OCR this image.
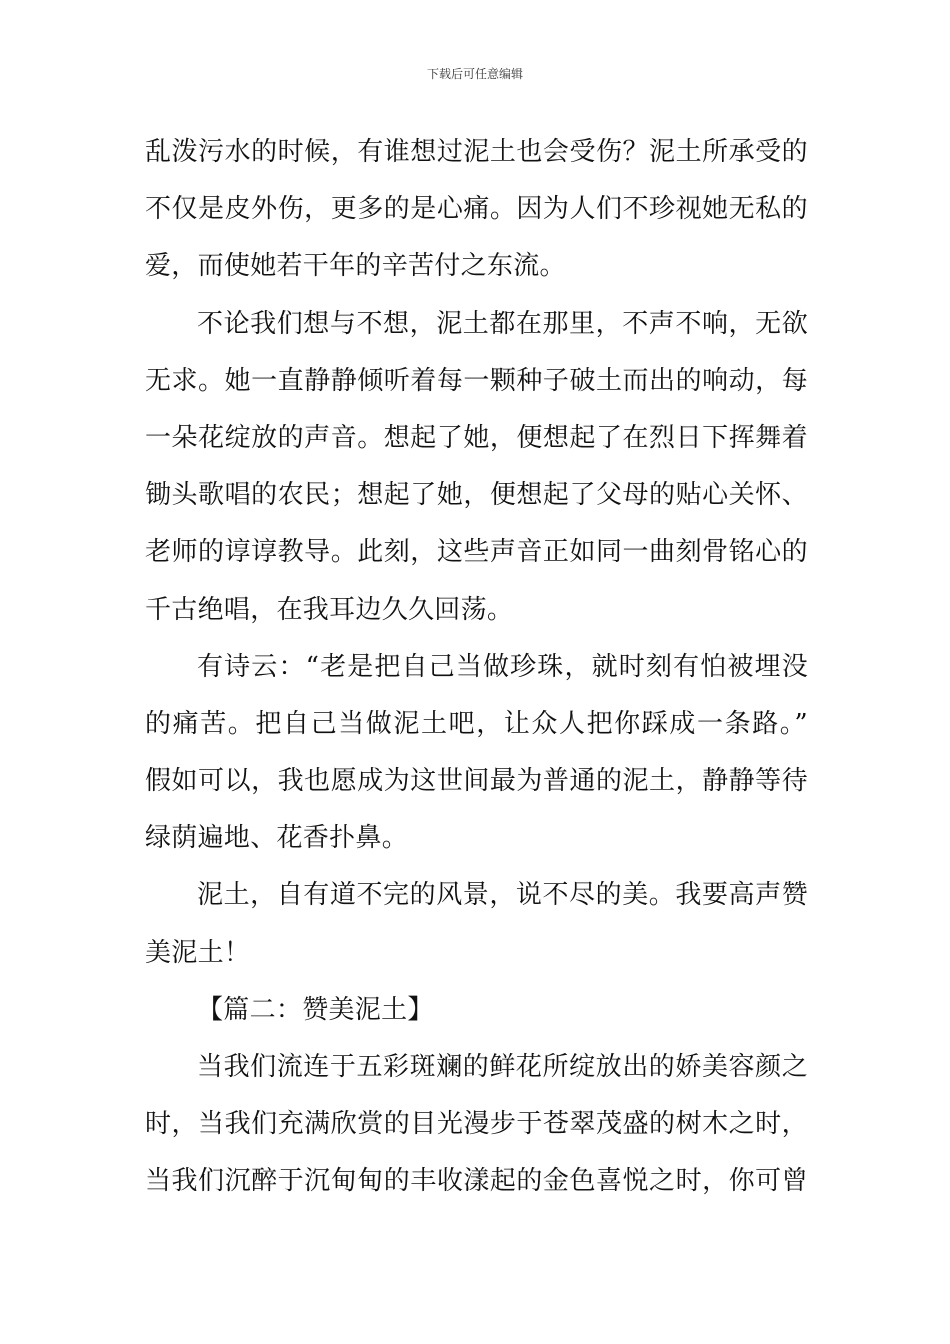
下载后可任意编辑
乱泼污水的时候，有谁想过泥土也会受伤？泥土所承受的
不仅是皮外伤，更多的是心痛。因为人们不珍视她无私的
爱，而使她若干年的辛苦付之东流。
不论我们想与不想，泥土都在那里，不声不响，无欲
无求。她一直静静倾听着每一颗种子破土而出的响动，每
一朵花绽放的声音。想起了她，便想起了在烈日下挥舞着
锄头歌唱的农民；想起了她，便想起了父母的贴心关怀、
老师的谆谆教导。此刻，这些声音正如同一曲刻骨铭心的
千古绝唱，在我耳边久久回荡。
有诗云：“老是把自己当做珍珠，就时刻有怕被埋没
的痛苦。把自己当做泥土吧，让众人把你踩成一条路。”
假如可以，我也愿成为这世间最为普通的泥土，静静等待
绿荫遍地、花香扑鼻。
泥土，自有道不完的风景，说不尽的美。我要高声赞
美泥土！
【篇二：赞美泥土】
当我们流连于五彩斑斓的鲜花所绽放出的娇美容颜之
时，当我们充满欣赏的目光漫步于苍翠茂盛的树木之时，
当我们沉醉于沉甸甸的丰收漾起的金色喜悦之时，你可曾
